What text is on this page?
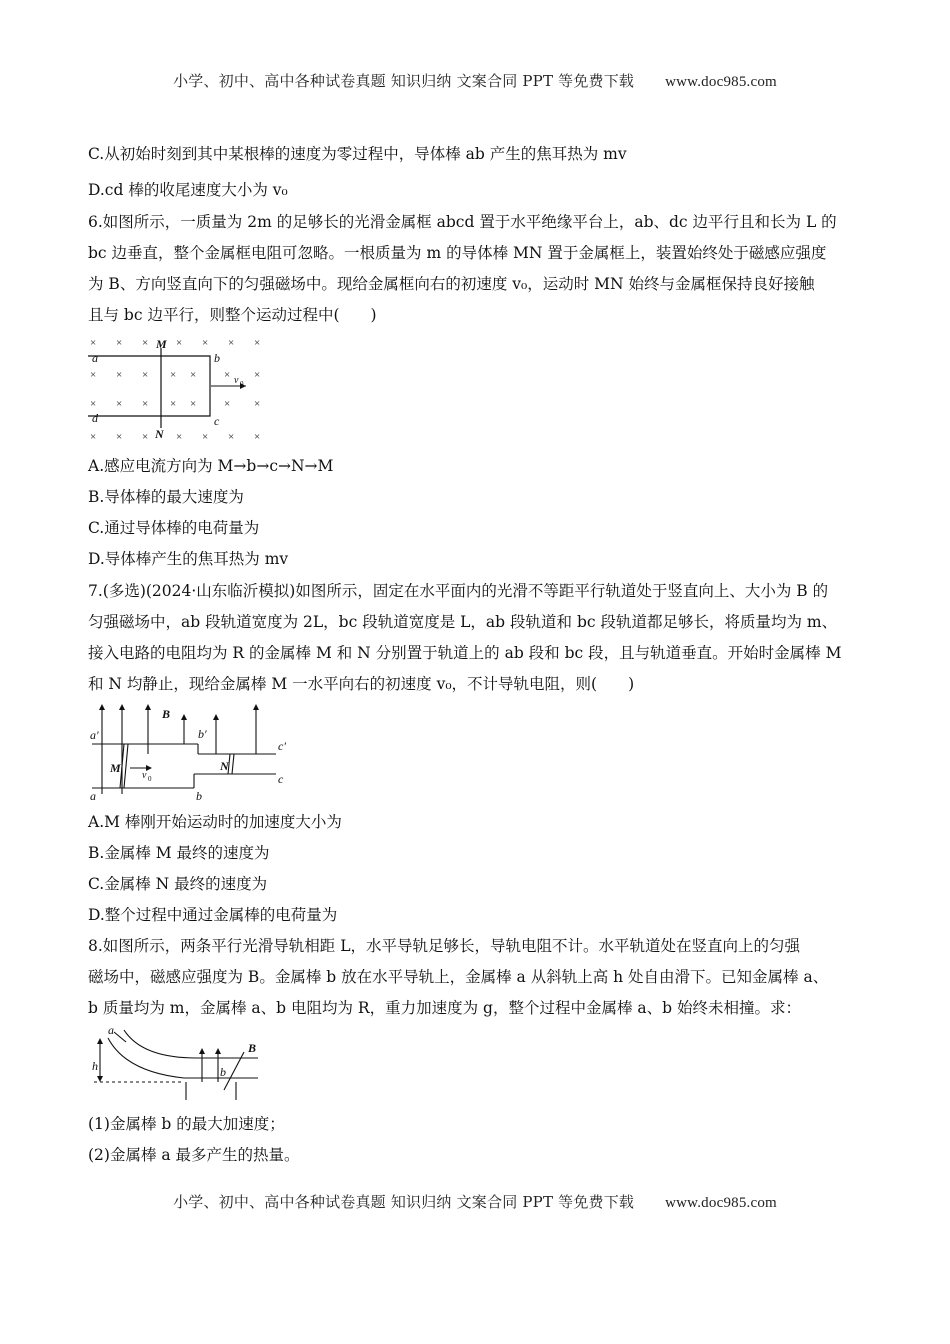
小学、初中、高中各种试卷真题 知识归纳 文案合同 PPT 等免费下载 www.doc985.com
C.从初始时刻到其中某根棒的速度为零过程中，导体棒 ab 产生的焦耳热为 mv
D.cd 棒的收尾速度大小为 v₀
6.如图所示，一质量为 2m 的足够长的光滑金属框 abcd 置于水平绝缘平台上，ab、dc 边平行且和长为 L 的
bc 边垂直，整个金属框电阻可忽略。一根质量为 m 的导体棒 MN 置于金属框上，装置始终处于磁感应强度
为 B、方向竖直向下的匀强磁场中。现给金属框向右的初速度 v₀，运动时 MN 始终与金属框保持良好接触
且与 bc 边平行，则整个运动过程中(　　)
× × ×	× × × ×
× × × × ×	× ×
× × × × ×	× ×
× × ×	× × × ×
a	b
c
d
M
N
v 0
A.感应电流方向为 M→b→c→N→M
B.导体棒的最大速度为
C.通过导体棒的电荷量为
D.导体棒产生的焦耳热为 mv
7.(多选)(2024·山东临沂模拟)如图所示，固定在水平面内的光滑不等距平行轨道处于竖直向上、大小为 B 的
匀强磁场中，ab 段轨道宽度为 2L，bc 段轨道宽度是 L，ab 段轨道和 bc 段轨道都足够长，将质量均为 m、
接入电路的电阻均为 R 的金属棒 M 和 N 分别置于轨道上的 ab 段和 bc 段，且与轨道垂直。开始时金属棒 M
和 N 均静止，现给金属棒 M 一水平向右的初速度 v₀，不计导轨电阻，则(　　)
B
a′	b′
c′
a	b
c
M	N
v 0
A.M 棒刚开始运动时的加速度大小为
B.金属棒 M 最终的速度为
C.金属棒 N 最终的速度为
D.整个过程中通过金属棒的电荷量为
8.如图所示，两条平行光滑导轨相距 L，水平导轨足够长，导轨电阻不计。水平轨道处在竖直向上的匀强
磁场中，磁感应强度为 B。金属棒 b 放在水平导轨上，金属棒 a 从斜轨上高 h 处自由滑下。已知金属棒 a、
b 质量均为 m，金属棒 a、b 电阻均为 R，重力加速度为 g，整个过程中金属棒 a、b 始终未相撞。求：
a
h	b
B
(1)金属棒 b 的最大加速度；
(2)金属棒 a 最多产生的热量。
小学、初中、高中各种试卷真题 知识归纳 文案合同 PPT 等免费下载 www.doc985.com
